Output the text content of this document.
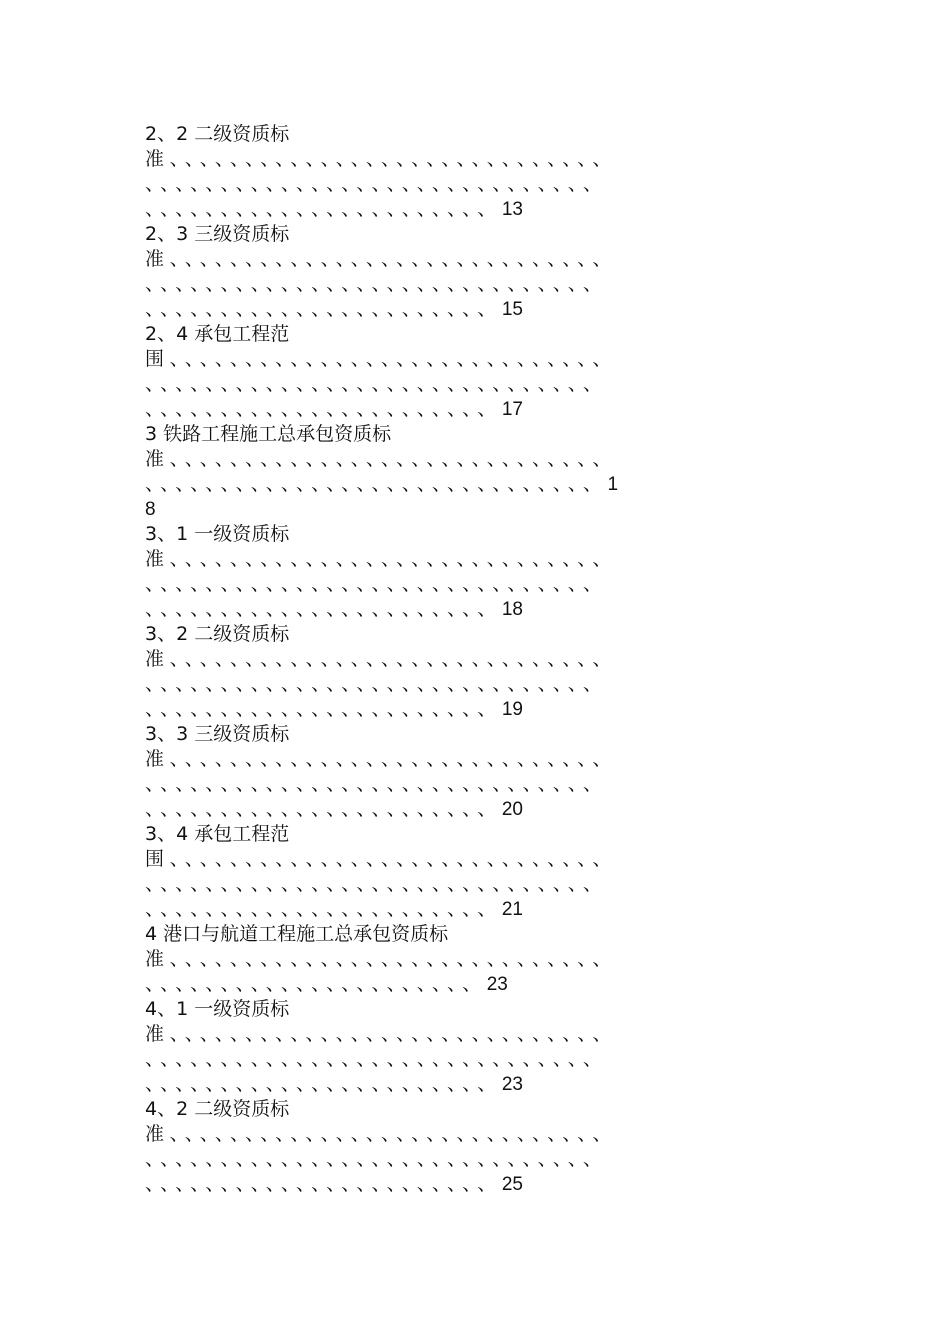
2、2 二级资质标
准、、、、、、、、、、、、、、、、、、、、、、、、、、、、、
、、、、、、、、、、、、、、、、、、、、、、、、、、、、、、
、、、、、、、、、、、、、、、、、、、、、、、13
2、3 三级资质标
准、、、、、、、、、、、、、、、、、、、、、、、、、、、、、
、、、、、、、、、、、、、、、、、、、、、、、、、、、、、、
、、、、、、、、、、、、、、、、、、、、、、、15
2、4 承包工程范
围、、、、、、、、、、、、、、、、、、、、、、、、、、、、、
、、、、、、、、、、、、、、、、、、、、、、、、、、、、、、
、、、、、、、、、、、、、、、、、、、、、、、17
3 铁路工程施工总承包资质标
准、、、、、、、、、、、、、、、、、、、、、、、、、、、、、
、、、、、、、、、、、、、、、、、、、、、、、、、、、、、、1
8
3、1 一级资质标
准、、、、、、、、、、、、、、、、、、、、、、、、、、、、、
、、、、、、、、、、、、、、、、、、、、、、、、、、、、、、
、、、、、、、、、、、、、、、、、、、、、、、18
3、2 二级资质标
准、、、、、、、、、、、、、、、、、、、、、、、、、、、、、
、、、、、、、、、、、、、、、、、、、、、、、、、、、、、、
、、、、、、、、、、、、、、、、、、、、、、、19
3、3 三级资质标
准、、、、、、、、、、、、、、、、、、、、、、、、、、、、、
、、、、、、、、、、、、、、、、、、、、、、、、、、、、、、
、、、、、、、、、、、、、、、、、、、、、、、20
3、4 承包工程范
围、、、、、、、、、、、、、、、、、、、、、、、、、、、、、
、、、、、、、、、、、、、、、、、、、、、、、、、、、、、、
、、、、、、、、、、、、、、、、、、、、、、、21
4 港口与航道工程施工总承包资质标
准、、、、、、、、、、、、、、、、、、、、、、、、、、、、、
、、、、、、、、、、、、、、、、、、、、、、23
4、1 一级资质标
准、、、、、、、、、、、、、、、、、、、、、、、、、、、、、
、、、、、、、、、、、、、、、、、、、、、、、、、、、、、、
、、、、、、、、、、、、、、、、、、、、、、、23
4、2 二级资质标
准、、、、、、、、、、、、、、、、、、、、、、、、、、、、、
、、、、、、、、、、、、、、、、、、、、、、、、、、、、、、
、、、、、、、、、、、、、、、、、、、、、、、25
